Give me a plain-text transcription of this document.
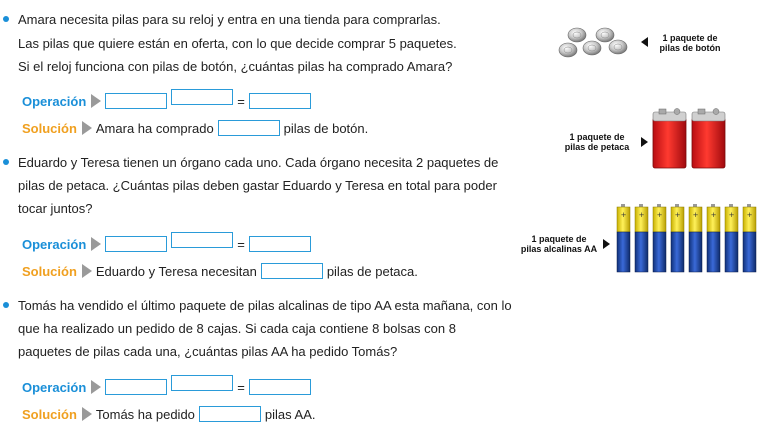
Amara necesita pilas para su reloj y entra en una tienda para comprarlas.
Las pilas que quiere están en oferta, con lo que decide comprar 5 paquetes.
Si el reloj funciona con pilas de botón, ¿cuántas pilas ha comprado Amara?
Operación	=
Solución Amara ha comprado	pilas de botón.
Eduardo y Teresa tienen un órgano cada uno. Cada órgano necesita 2 paquetes de
pilas de petaca. ¿Cuántas pilas deben gastar Eduardo y Teresa en total para poder
tocar juntos?
Operación	=
Solución Eduardo y Teresa necesitan	pilas de petaca.
Tomás ha vendido el último paquete de pilas alcalinas de tipo AA esta mañana, con lo
que ha realizado un pedido de 8 cajas. Si cada caja contiene 8 bolsas con 8
paquetes de pilas cada una, ¿cuántas pilas AA ha pedido Tomás?
Operación	=
Solución Tomás ha pedido	pilas AA.
1 paquete de
pilas de botón
1 paquete de
pilas de petaca
1 paquete de
pilas alcalinas AA
+
